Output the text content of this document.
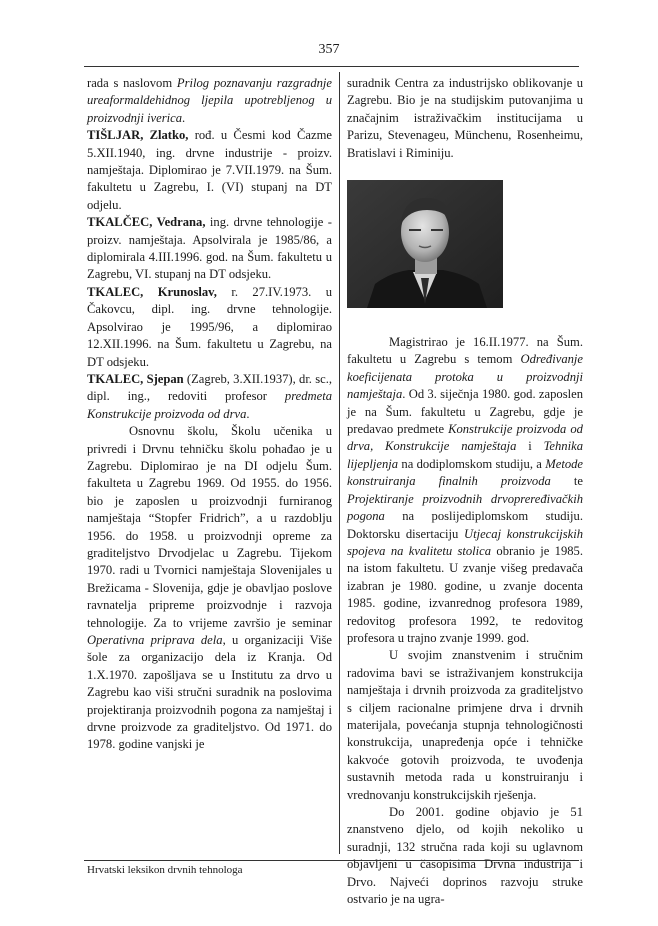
357

rada s naslovom Prilog poznavanju razgradnje ureaformaldehidnog ljepila upotrebljenog u proizvodnji iverica.

TIŠLJAR, Zlatko, rođ. u Česmi kod Čazme 5.XII.1940, ing. drvne industrije - proizv. namještaja. Diplomirao je 7.VII.1979. na Šum. fakultetu u Zagrebu, I. (VI) stupanj na DT odjelu.

TKALČEC, Vedrana, ing. drvne tehnologije - proizv. namještaja. Apsolvirala je 1985/86, a diplomirala 4.III.1996. god. na Šum. fakultetu u Zagrebu, VI. stupanj na DT odsjeku.

TKALEC, Krunoslav, r. 27.IV.1973. u Čakovcu, dipl. ing. drvne tehnologije. Apsolvirao je 1995/96, a diplomirao 12.XII.1996. na Šum. fakultetu u Zagrebu, na DT odsjeku.

TKALEC, Sjepan (Zagreb, 3.XII.1937), dr. sc., dipl. ing., redoviti profesor predmeta Konstrukcije proizvoda od drva.

Osnovnu školu, Školu učenika u privredi i Drvnu tehničku školu pohađao je u Zagrebu. Diplomirao je na DI odjelu Šum. fakulteta u Zagrebu 1969. Od 1955. do 1956. bio je zaposlen u proizvodnji furniranog namještaja “Stopfer Fridrich”, a u razdoblju 1956. do 1958. u proizvodnji opreme za graditeljstvo Drvodjelac u Zagrebu. Tijekom 1970. radi u Tvornici namještaja Slovenijales u Brežicama - Slovenija, gdje je obavljao poslove ravnatelja pripreme proizvodnje i razvoja tehnologije. Za to vrijeme završio je seminar Operativna priprava dela, u organizaciji Više šole za organizacijo dela iz Kranja. Od 1.X.1970. zapošljava se u Institutu za drvo u Zagrebu kao viši stručni suradnik na poslovima projektiranja proizvodnih pogona za namještaj i drvne proizvode za graditeljstvo. Od 1971. do 1978. godine vanjski je

suradnik Centra za industrijsko oblikovanje u Zagrebu. Bio je na studijskim putovanjima u značajnim istraživačkim institucijama u Parizu, Stevenageu, Münchenu, Rosenheimu, Bratislavi i Riminiju.

Magistrirao je 16.II.1977. na Šum. fakultetu u Zagrebu s temom Određivanje koeficijenata protoka u proizvodnji namještaja. Od 3. siječnja 1980. god. zaposlen je na Šum. fakultetu u Zagrebu, gdje je predavao predmete Konstrukcije proizvoda od drva, Konstrukcije namještaja i Tehnika lijepljenja na dodiplomskom studiju, a Metode konstruiranja finalnih proizvoda te Projektiranje proizvodnih drvopreređivačkih pogona na poslijediplomskom studiju. Doktorsku disertaciju Utjecaj konstrukcijskih spojeva na kvalitetu stolica obranio je 1985. na istom fakultetu. U zvanje višeg predavača izabran je 1980. godine, u zvanje docenta 1985. godine, izvanrednog profesora 1989, redovitog profesora 1992, te redovitog profesora u trajno zvanje 1999. god.

U svojim znanstvenim i stručnim radovima bavi se istraživanjem konstrukcija namještaja i drvnih proizvoda za graditeljstvo s ciljem racionalne primjene drva i drvnih materijala, povećanja stupnja tehnologičnosti konstrukcija, unapređenja opće i tehničke kakvoće gotovih proizvoda, te uvođenja sustavnih metoda rada u konstruiranju i vrednovanju konstrukcijskih rješenja.

Do 2001. godine objavio je 51 znanstveno djelo, od kojih nekoliko u suradnji, 132 stručna rada koji su uglavnom objavljeni u časopisima Drvna industrija i Drvo. Najveći doprinos razvoju struke ostvario je na ugra-

Hrvatski leksikon drvnih tehnologa
